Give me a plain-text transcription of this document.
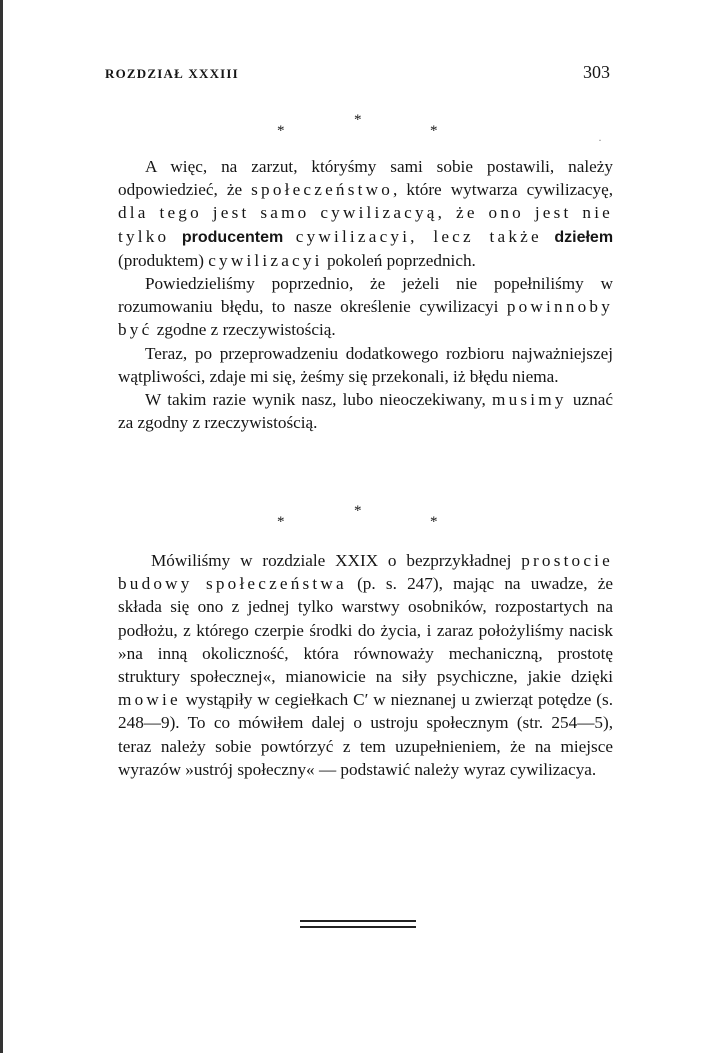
ROZDZIAŁ XXXIII	303
*
*
*
·

A więc, na zarzut, któryśmy sami sobie postawili, należy odpowiedzieć, że społeczeństwo, które wytwarza cywilizacyę, dla tego jest samo cywilizacyą, że ono jest nie tylko producentem cywilizacyi, lecz także dziełem (produktem) cywilizacyi pokoleń poprzednich.

Powiedzieliśmy poprzednio, że jeżeli nie popełniliśmy w rozumowaniu błędu, to nasze określenie cywilizacyi powinnoby być zgodne z rzeczywistością.

Teraz, po przeprowadzeniu dodatkowego rozbioru najważniejszej wątpliwości, zdaje mi się, żeśmy się przekonali, iż błędu niema.

W takim razie wynik nasz, lubo nieoczekiwany, musimy uznać za zgodny z rzeczywistością.

*
*
*

Mówiliśmy w rozdziale XXIX o bezprzykładnej prostocie budowy społeczeństwa (p. s. 247), mając na uwadze, że składa się ono z jednej tylko warstwy osobników, rozpostartych na podłożu, z którego czerpie środki do życia, i zaraz położyliśmy nacisk »na inną okoliczność, która równoważy mechaniczną, prostotę struktury społecznej«, mianowicie na siły psychiczne, jakie dzięki mowie wystąpiły w cegiełkach C′ w nieznanej u zwierząt potędze (s. 248—9). To co mówiłem dalej o ustroju społecznym (str. 254—5), teraz należy sobie powtórzyć z tem uzupełnieniem, że na miejsce wyrazów »ustrój społeczny« — podstawić należy wyraz cywilizacya.
